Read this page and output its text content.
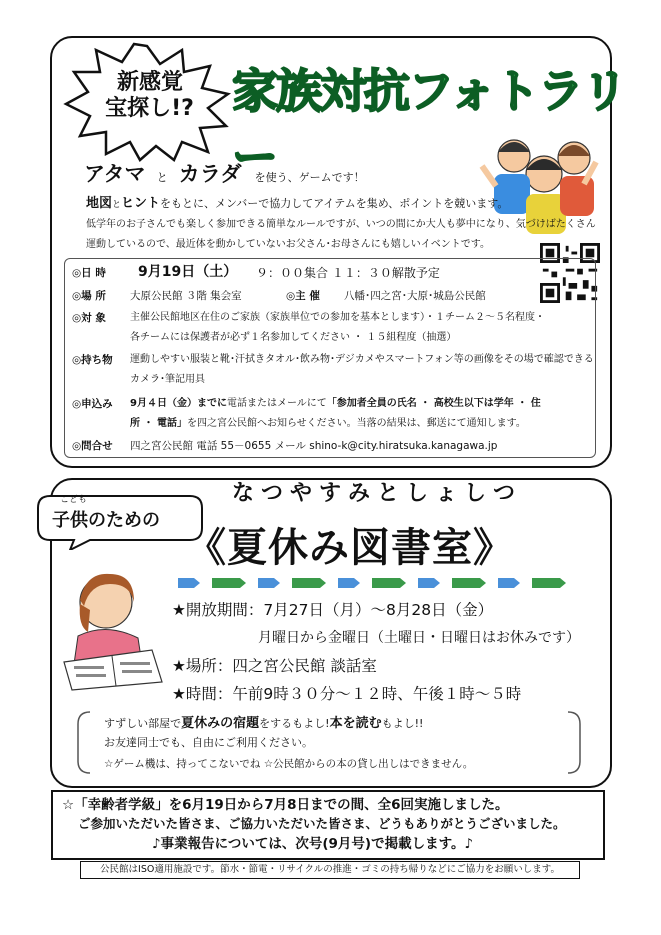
新感覚
宝探し!? 家族対抗フォトラリー
アタマ と カラダ を使う、ゲームです！
地図とヒントをもとに、メンバーで協力してアイテムを集め、ポイントを競います。
低学年のお子さんでも楽しく参加できる簡単なルールですが、いつの間にか大人も夢中になり、気づけばたくさん
運動しているので、最近体を動かしていないお父さん･お母さんにも嬉しいイベントです。
◎日 時 9月19日（土） ９：００集合 １１：３０解散予定
◎場 所 大原公民館 ３階 集会室	◎主 催 八幡･四之宮･大原･城島公民館
◎対 象 主催公民館地区在住のご家族（家族単位での参加を基本とします）・１チーム２～５名程度・
各チームには保護者が必ず１名参加してください ・ １５組程度（抽選）
◎持ち物 運動しやすい服装と靴･汗拭きタオル･飲み物･デジカメやスマートフォン等の画像をその場で確認できる
カメラ･筆記用具
◎申込み 9月４日（金）までに電話またはメールにて「参加者全員の氏名 ・ 高校生以下は学年 ・ 住
所 ・ 電話」を四之宮公民館へお知らせください。当落の結果は、郵送にて通知します。
◎問合せ 四之宮公民館 電話 55－0655 メール shino-k@city.hiratsuka.kanagawa.jp
こども
子供のための
なつやすみとしょしつ
《夏休み図書室》
★開放期間：7月27日（月）～8月28日（金）
月曜日から金曜日（土曜日・日曜日はお休みです）
★場所：四之宮公民館 談話室
★時間：午前9時３０分～１２時、午後１時～５時
すずしい部屋で夏休みの宿題をするもよし!本を読むもよし!!
お友達同士でも、自由にご利用ください。
☆ゲーム機は、持ってこないでね ☆公民館からの本の貸し出しはできません。
☆「幸齢者学級」を6月19日から7月8日までの間、全6回実施しました。
ご参加いただいた皆さま、ご協力いただいた皆さま、どうもありがとうございました。
♪事業報告については、次号(9月号)で掲載します。♪
公民館はISO適用施設です。節水・節電・リサイクルの推進・ゴミの持ち帰りなどにご協力をお願いします。
